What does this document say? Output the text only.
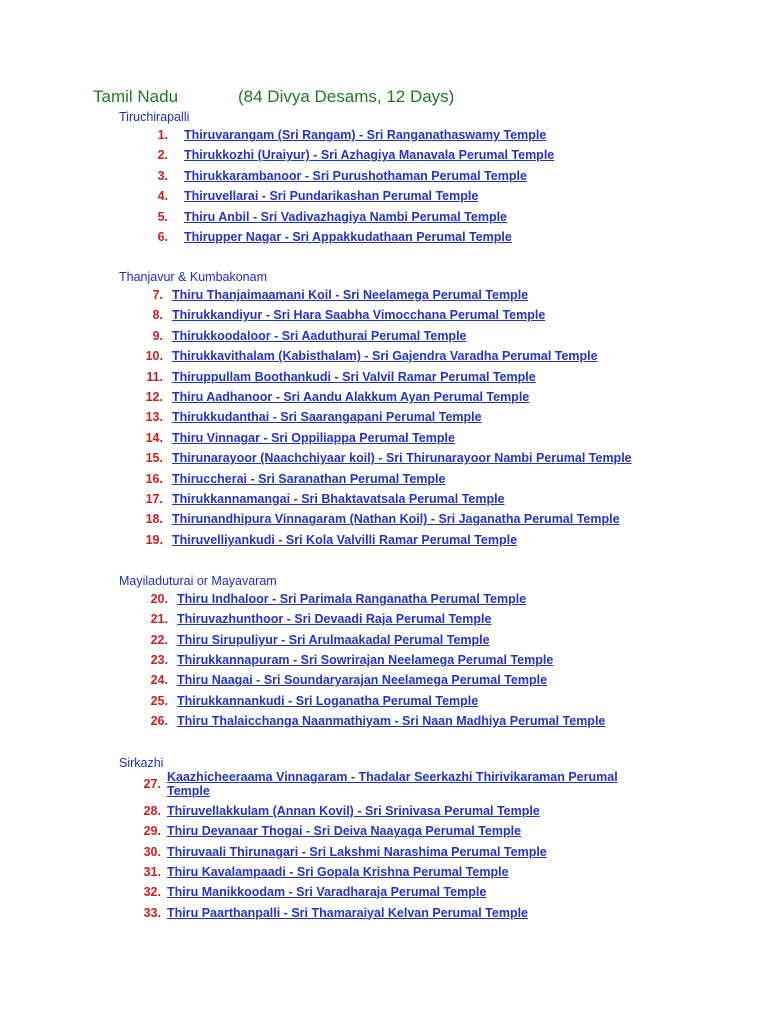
Tamil Nadu	(84 Divya Desams, 12 Days)
Tiruchirapalli
1. Thiruvarangam (Sri Rangam) - Sri Ranganathaswamy Temple
2. Thirukkozhi (Uraiyur) - Sri Azhagiya Manavala Perumal Temple
3. Thirukkarambanoor - Sri Purushothaman Perumal Temple
4. Thiruvellarai - Sri Pundarikashan Perumal Temple
5. Thiru Anbil - Sri Vadivazhagiya Nambi Perumal Temple
6. Thirupper Nagar - Sri Appakkudathaan Perumal Temple
Thanjavur & Kumbakonam
7. Thiru Thanjaimaamani Koil - Sri Neelamega Perumal Temple
8. Thirukkandiyur - Sri Hara Saabha Vimocchana Perumal Temple
9. Thirukkoodaloor - Sri Aaduthurai Perumal Temple
10. Thirukkavithalam (Kabisthalam) - Sri Gajendra Varadha Perumal Temple
11. Thiruppullam Boothankudi - Sri Valvil Ramar Perumal Temple
12. Thiru Aadhanoor - Sri Aandu Alakkum Ayan Perumal Temple
13. Thirukkudanthai - Sri Saarangapani Perumal Temple
14. Thiru Vinnagar - Sri Oppiliappa Perumal Temple
15. Thirunarayoor (Naachchiyaar koil) - Sri Thirunarayoor Nambi Perumal Temple
16. Thiruccherai - Sri Saranathan Perumal Temple
17. Thirukkannamangai - Sri Bhaktavatsala Perumal Temple
18. Thirunandhipura Vinnagaram (Nathan Koil) - Sri Jaganatha Perumal Temple
19. Thiruvelliyankudi - Sri Kola Valvilli Ramar Perumal Temple
Mayiladuturai or Mayavaram
20. Thiru Indhaloor - Sri Parimala Ranganatha Perumal Temple
21. Thiruvazhunthoor - Sri Devaadi Raja Perumal Temple
22. Thiru Sirupuliyur - Sri Arulmaakadal Perumal Temple
23. Thirukkannapuram - Sri Sowrirajan Neelamega Perumal Temple
24. Thiru Naagai - Sri Soundaryarajan Neelamega Perumal Temple
25. Thirukkannankudi - Sri Loganatha Perumal Temple
26. Thiru Thalaicchanga Naanmathiyam - Sri Naan Madhiya Perumal Temple
Sirkazhi
27. Kaazhicheeraama Vinnagaram - Thadalar Seerkazhi Thirivikaraman Perumal Temple
28. Thiruvellakkulam (Annan Kovil) - Sri Srinivasa Perumal Temple
29. Thiru Devanaar Thogai - Sri Deiva Naayaga Perumal Temple
30. Thiruvaali Thirunagari - Sri Lakshmi Narashima Perumal Temple
31. Thiru Kavalampaadi - Sri Gopala Krishna Perumal Temple
32. Thiru Manikkoodam - Sri Varadharaja Perumal Temple
33. Thiru Paarthanpalli - Sri Thamaraiyal Kelvan Perumal Temple
